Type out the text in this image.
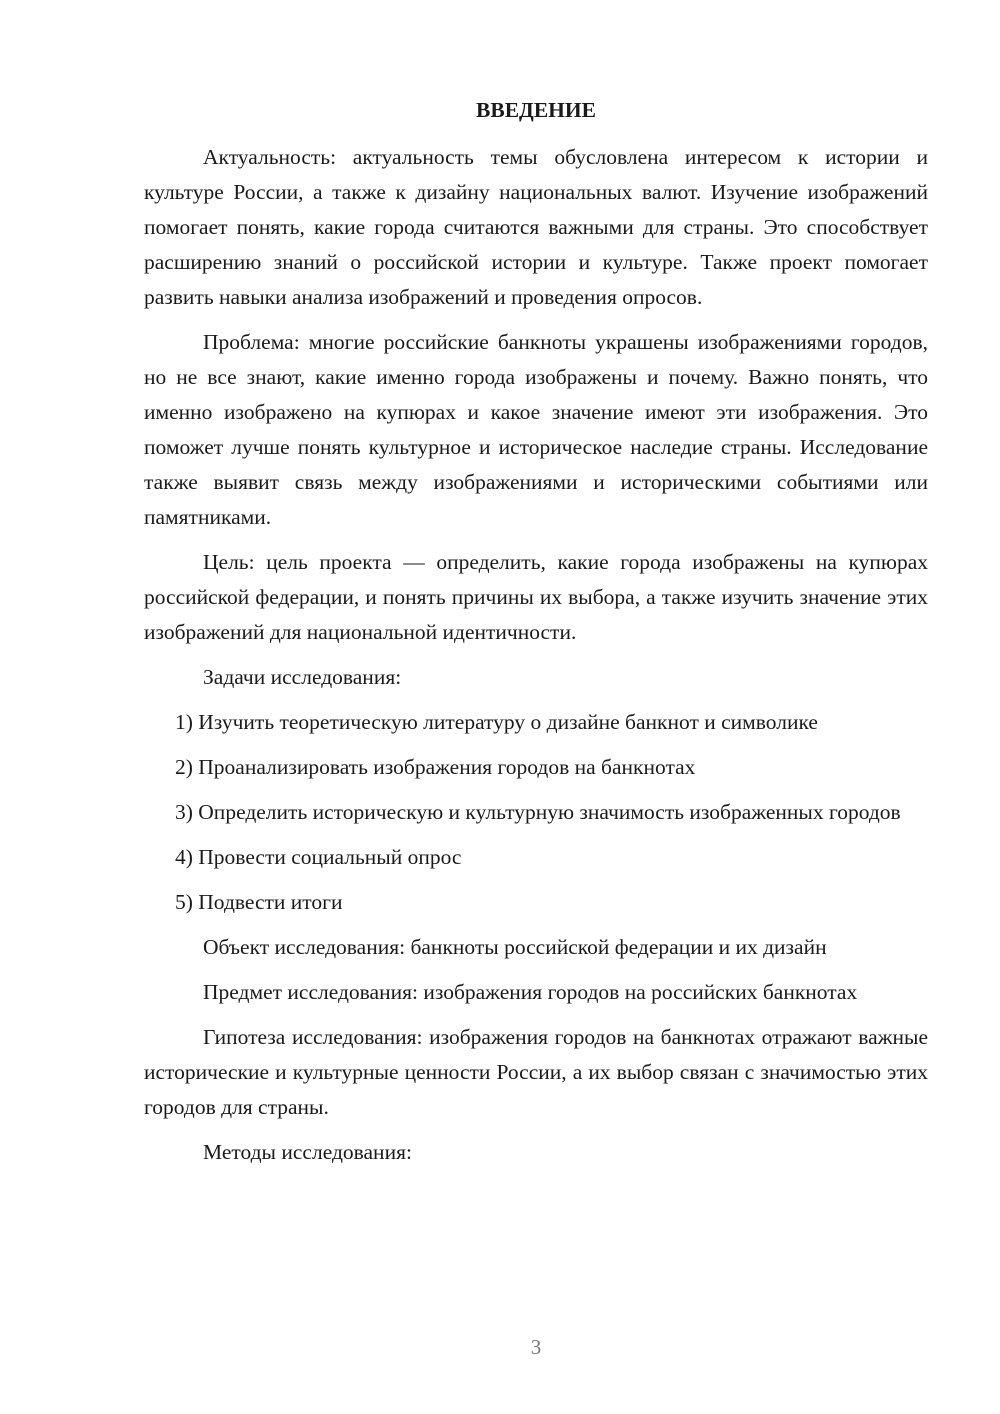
ВВЕДЕНИЕ

Актуальность: актуальность темы обусловлена интересом к истории и культуре России, а также к дизайну национальных валют. Изучение изображений помогает понять, какие города считаются важными для страны. Это способствует расширению знаний о российской истории и культуре. Также проект помогает развить навыки анализа изображений и проведения опросов.

Проблема: многие российские банкноты украшены изображениями городов, но не все знают, какие именно города изображены и почему. Важно понять, что именно изображено на купюрах и какое значение имеют эти изображения. Это поможет лучше понять культурное и историческое наследие страны. Исследование также выявит связь между изображениями и историческими событиями или памятниками.

Цель: цель проекта — определить, какие города изображены на купюрах российской федерации, и понять причины их выбора, а также изучить значение этих изображений для национальной идентичности.

Задачи исследования:

1) Изучить теоретическую литературу о дизайне банкнот и символике

2) Проанализировать изображения городов на банкнотах

3) Определить историческую и культурную значимость изображенных городов

4) Провести социальный опрос

5) Подвести итоги

Объект исследования: банкноты российской федерации и их дизайн

Предмет исследования: изображения городов на российских банкнотах

Гипотеза исследования: изображения городов на банкнотах отражают важные исторические и культурные ценности России, а их выбор связан с значимостью этих городов для страны.

Методы исследования:

3
